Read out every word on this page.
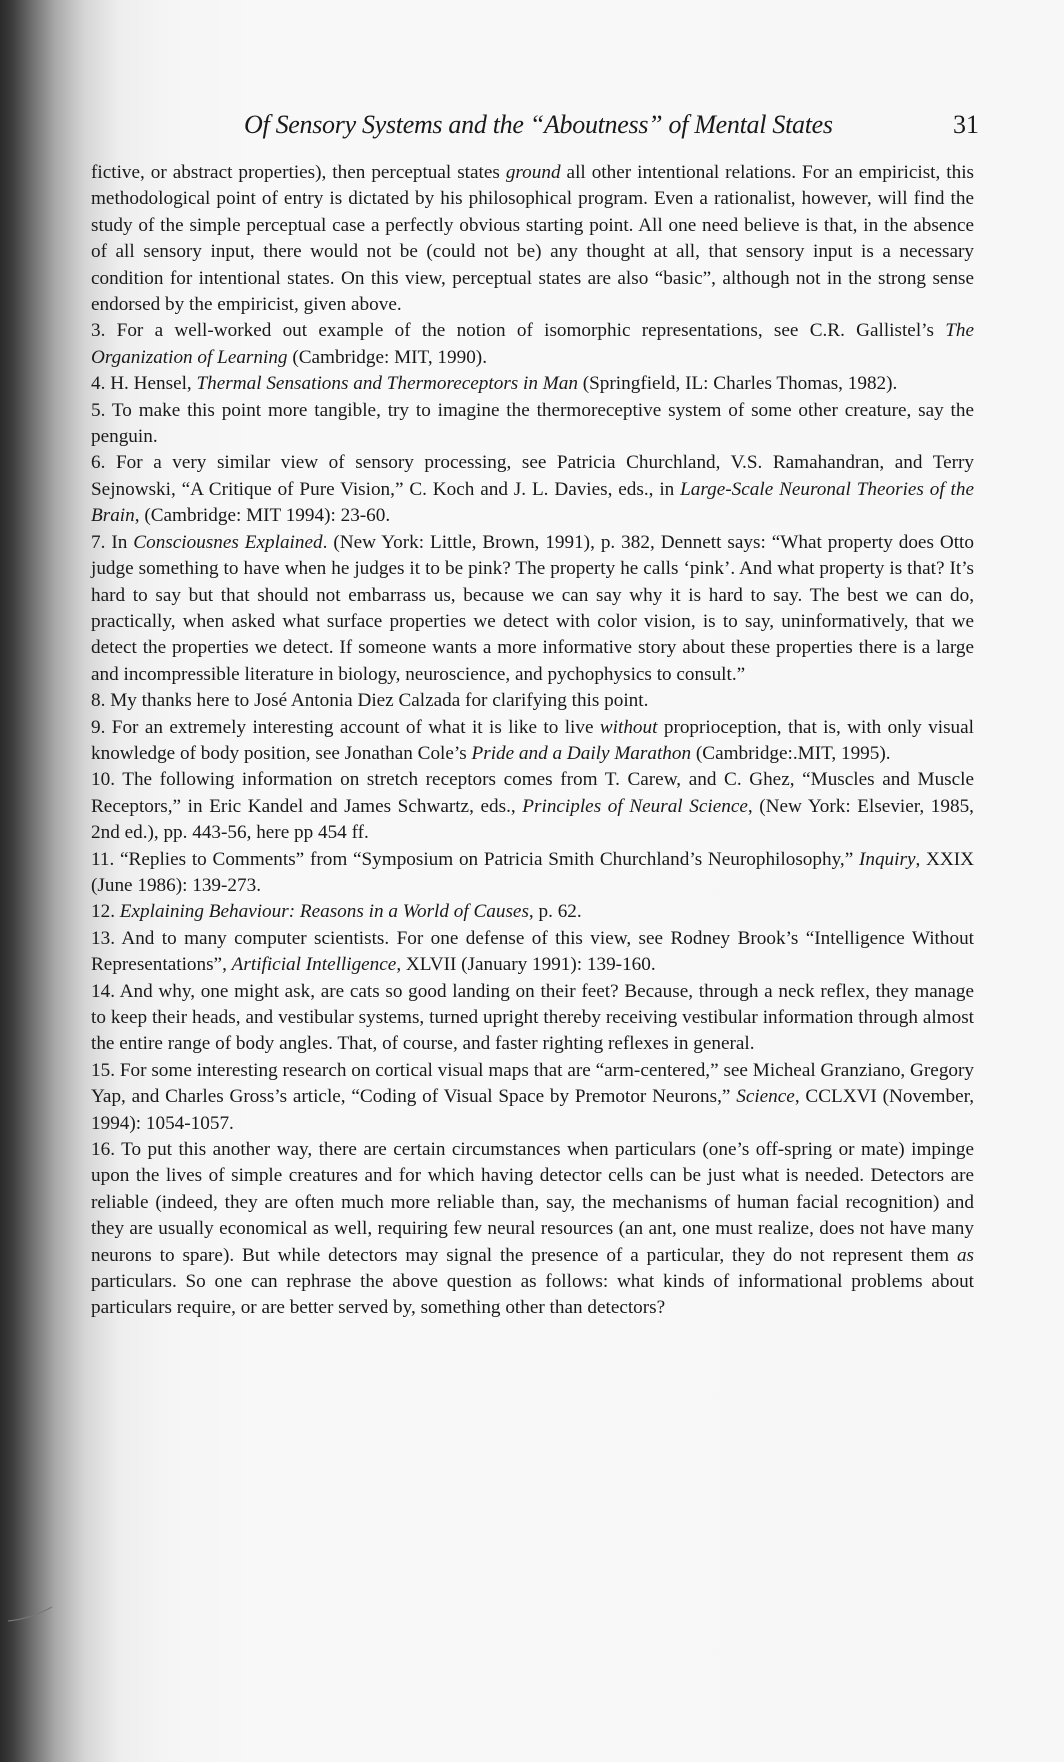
Of Sensory Systems and the “Aboutness” of Mental States	31

fictive, or abstract properties), then perceptual states ground all other intentional relations. For an empiricist, this methodological point of entry is dictated by his philosophical program. Even a rationalist, however, will find the study of the simple perceptual case a perfectly obvious starting point. All one need believe is that, in the absence of all sensory input, there would not be (could not be) any thought at all, that sensory input is a necessary condition for intentional states. On this view, perceptual states are also “basic”, although not in the strong sense endorsed by the empiricist, given above.

3. For a well-worked out example of the notion of isomorphic representations, see C.R. Gallistel’s The Organization of Learning (Cambridge: MIT, 1990).

4. H. Hensel, Thermal Sensations and Thermoreceptors in Man (Springfield, IL: Charles Thomas, 1982).

5. To make this point more tangible, try to imagine the thermoreceptive system of some other creature, say the penguin.

6. For a very similar view of sensory processing, see Patricia Churchland, V.S. Ramahandran, and Terry Sejnowski, “A Critique of Pure Vision,” C. Koch and J. L. Davies, eds., in Large-Scale Neuronal Theories of the Brain, (Cambridge: MIT 1994): 23-60.

7. In Consciousnes Explained. (New York: Little, Brown, 1991), p. 382, Dennett says: “What property does Otto judge something to have when he judges it to be pink? The property he calls ‘pink’. And what property is that? It’s hard to say but that should not embarrass us, because we can say why it is hard to say. The best we can do, practically, when asked what surface properties we detect with color vision, is to say, uninformatively, that we detect the properties we detect. If someone wants a more informative story about these properties there is a large and incompressible literature in biology, neuroscience, and pychophysics to consult.”

8. My thanks here to José Antonia Diez Calzada for clarifying this point.

9. For an extremely interesting account of what it is like to live without proprioception, that is, with only visual knowledge of body position, see Jonathan Cole’s Pride and a Daily Marathon (Cambridge:.MIT, 1995).

10. The following information on stretch receptors comes from T. Carew, and C. Ghez, “Muscles and Muscle Receptors,” in Eric Kandel and James Schwartz, eds., Principles of Neural Science, (New York: Elsevier, 1985, 2nd ed.), pp. 443-56, here pp 454 ff.

11. “Replies to Comments” from “Symposium on Patricia Smith Churchland’s Neurophilosophy,” Inquiry, XXIX (June 1986): 139-273.

12. Explaining Behaviour: Reasons in a World of Causes, p. 62.

13. And to many computer scientists. For one defense of this view, see Rodney Brook’s “Intelligence Without Representations”, Artificial Intelligence, XLVII (January 1991): 139-160.

14. And why, one might ask, are cats so good landing on their feet? Because, through a neck reflex, they manage to keep their heads, and vestibular systems, turned upright thereby receiving vestibular information through almost the entire range of body angles. That, of course, and faster righting reflexes in general.

15. For some interesting research on cortical visual maps that are “arm-centered,” see Micheal Granziano, Gregory Yap, and Charles Gross’s article, “Coding of Visual Space by Premotor Neurons,” Science, CCLXVI (November, 1994): 1054-1057.

16. To put this another way, there are certain circumstances when particulars (one’s off-spring or mate) impinge upon the lives of simple creatures and for which having detector cells can be just what is needed. Detectors are reliable (indeed, they are often much more reliable than, say, the mechanisms of human facial recognition) and they are usually economical as well, requiring few neural resources (an ant, one must realize, does not have many neurons to spare). But while detectors may signal the presence of a particular, they do not represent them as particulars. So one can rephrase the above question as follows: what kinds of informational problems about particulars require, or are better served by, something other than detectors?
